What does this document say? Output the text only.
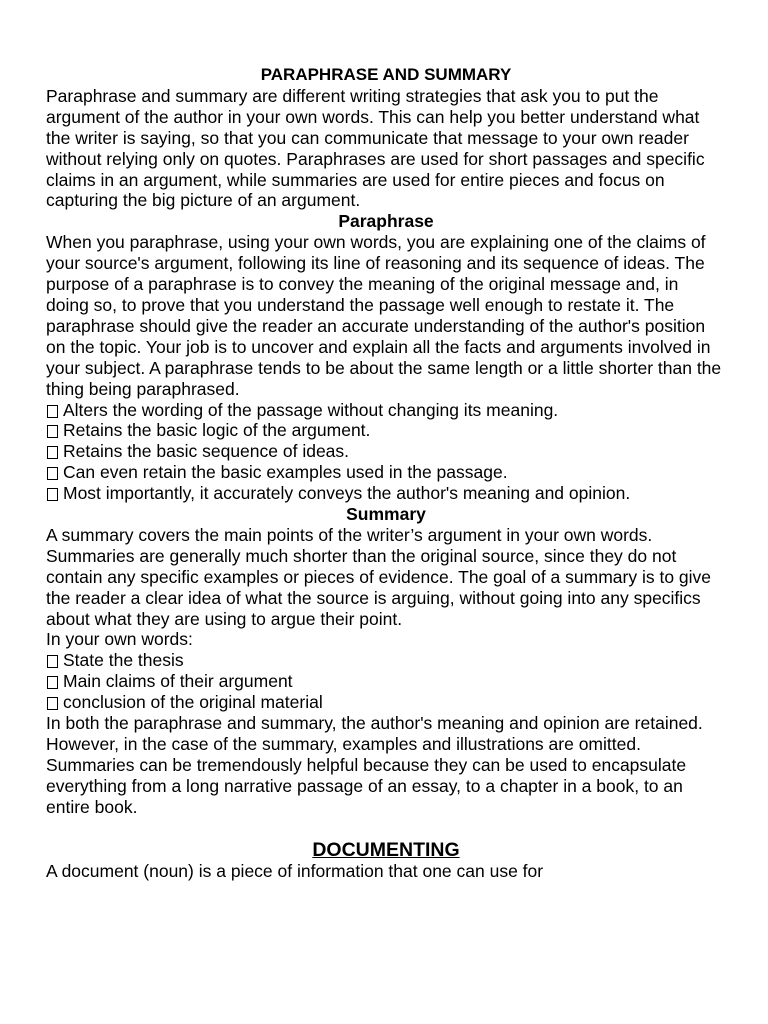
PARAPHRASE AND SUMMARY

Paraphrase and summary are different writing strategies that ask you to put the argument of the author in your own words. This can help you better understand what the writer is saying, so that you can communicate that message to your own reader without relying only on quotes. Paraphrases are used for short passages and specific claims in an argument, while summaries are used for entire pieces and focus on capturing the big picture of an argument.

Paraphrase

When you paraphrase, using your own words, you are explaining one of the claims of your source's argument, following its line of reasoning and its sequence of ideas. The purpose of a paraphrase is to convey the meaning of the original message and, in doing so, to prove that you understand the passage well enough to restate it. The paraphrase should give the reader an accurate understanding of the author's position on the topic. Your job is to uncover and explain all the facts and arguments involved in your subject. A paraphrase tends to be about the same length or a little shorter than the thing being paraphrased.

Alters the wording of the passage without changing its meaning.

Retains the basic logic of the argument.

Retains the basic sequence of ideas.

Can even retain the basic examples used in the passage.

Most importantly, it accurately conveys the author's meaning and opinion.

Summary

A summary covers the main points of the writer’s argument in your own words. Summaries are generally much shorter than the original source, since they do not contain any specific examples or pieces of evidence. The goal of a summary is to give the reader a clear idea of what the source is arguing, without going into any specifics about what they are using to argue their point.

In your own words:

State the thesis

Main claims of their argument

conclusion of the original material

In both the paraphrase and summary, the author's meaning and opinion are retained. However, in the case of the summary, examples and illustrations are omitted. Summaries can be tremendously helpful because they can be used to encapsulate everything from a long narrative passage of an essay, to a chapter in a book, to an entire book.

DOCUMENTING

A document (noun) is a piece of information that one can use for
